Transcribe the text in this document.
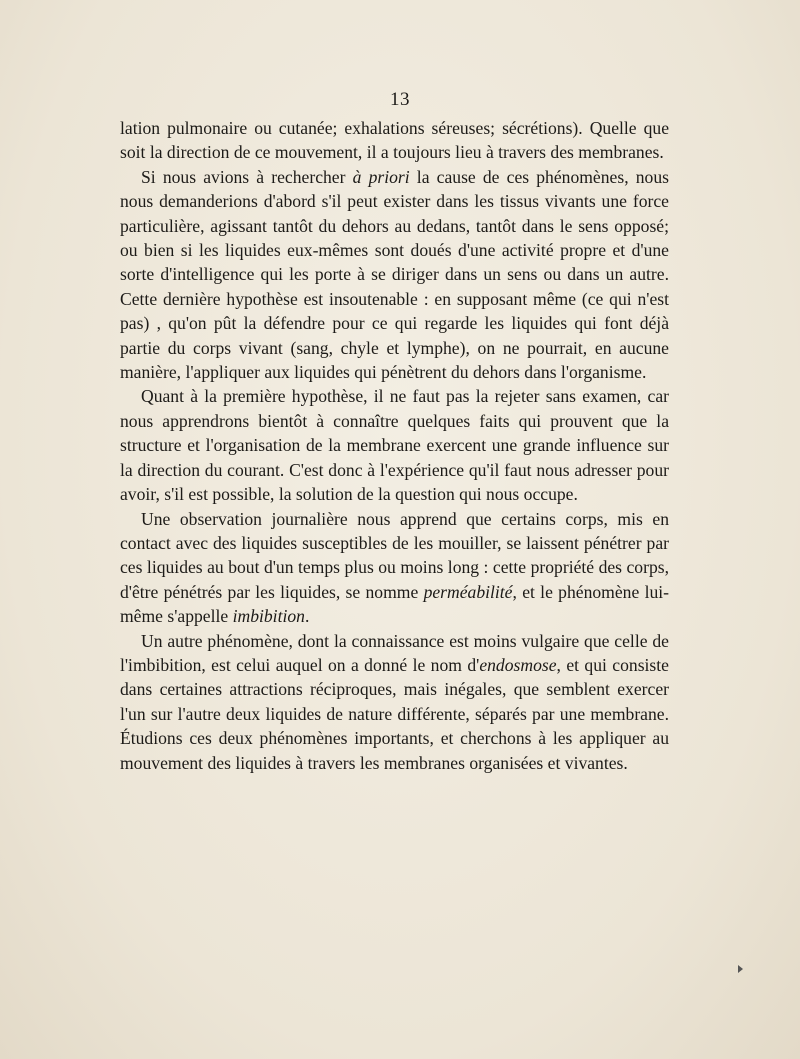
13

lation pulmonaire ou cutanée; exhalations séreuses; sécrétions). Quelle que soit la direction de ce mouvement, il a toujours lieu à travers des membranes.

Si nous avions à rechercher à priori la cause de ces phénomènes, nous nous demanderions d'abord s'il peut exister dans les tissus vivants une force particulière, agissant tantôt du dehors au dedans, tantôt dans le sens opposé; ou bien si les liquides eux-mêmes sont doués d'une activité propre et d'une sorte d'intelligence qui les porte à se diriger dans un sens ou dans un autre. Cette dernière hypothèse est insoutenable : en supposant même (ce qui n'est pas) , qu'on pût la défendre pour ce qui regarde les liquides qui font déjà partie du corps vivant (sang, chyle et lymphe), on ne pourrait, en aucune manière, l'appliquer aux liquides qui pénètrent du dehors dans l'organisme.

Quant à la première hypothèse, il ne faut pas la rejeter sans examen, car nous apprendrons bientôt à connaître quelques faits qui prouvent que la structure et l'organisation de la membrane exercent une grande influence sur la direction du courant. C'est donc à l'expérience qu'il faut nous adresser pour avoir, s'il est possible, la solution de la question qui nous occupe.

Une observation journalière nous apprend que certains corps, mis en contact avec des liquides susceptibles de les mouiller, se laissent pénétrer par ces liquides au bout d'un temps plus ou moins long : cette propriété des corps, d'être pénétrés par les liquides, se nomme perméabilité, et le phénomène lui-même s'appelle imbibition.

Un autre phénomène, dont la connaissance est moins vulgaire que celle de l'imbibition, est celui auquel on a donné le nom d'endosmose, et qui consiste dans certaines attractions réciproques, mais inégales, que semblent exercer l'un sur l'autre deux liquides de nature différente, séparés par une membrane. Étudions ces deux phénomènes importants, et cherchons à les appliquer au mouvement des liquides à travers les membranes organisées et vivantes.
